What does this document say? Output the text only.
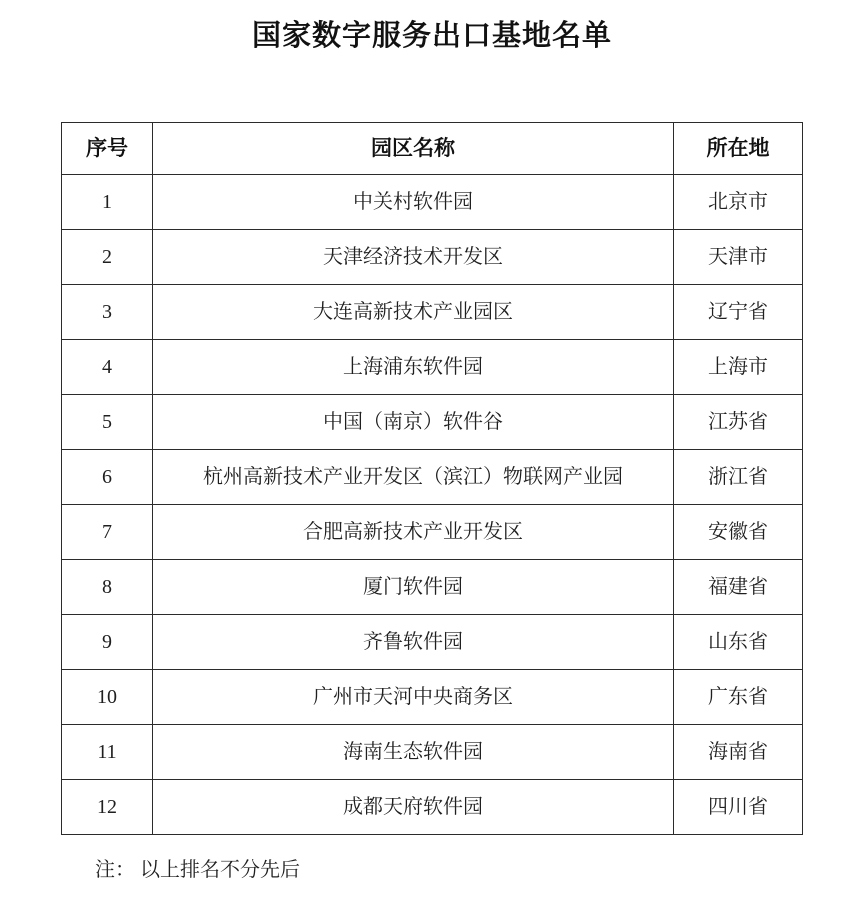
国家数字服务出口基地名单
序号	园区名称	所在地
1	中关村软件园	北京市
2	天津经济技术开发区	天津市
3	大连高新技术产业园区	辽宁省
4	上海浦东软件园	上海市
5	中国（南京）软件谷	江苏省
6	杭州高新技术产业开发区（滨江）物联网产业园	浙江省
7	合肥高新技术产业开发区	安徽省
8	厦门软件园	福建省
9	齐鲁软件园	山东省
10	广州市天河中央商务区	广东省
11	海南生态软件园	海南省
12	成都天府软件园	四川省

注： 以上排名不分先后
